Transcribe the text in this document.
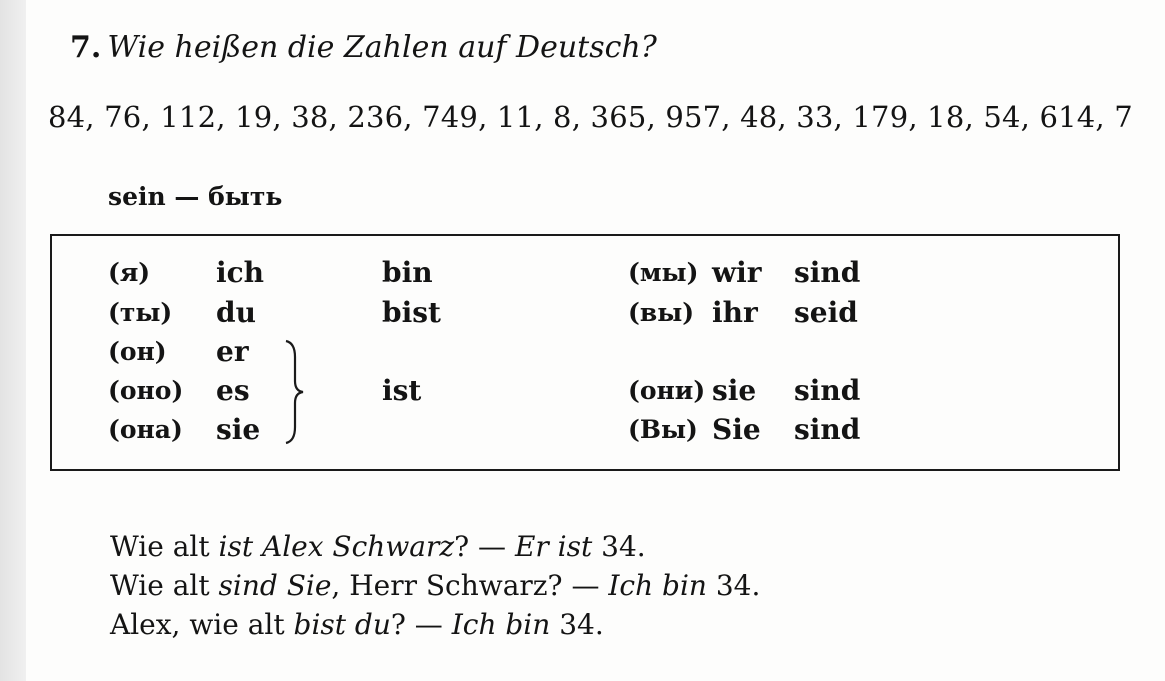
7. Wie heißen die Zahlen auf Deutsch?
84, 76, 112, 19, 38, 236, 749, 11, 8, 365, 957, 48, 33, 179, 18, 54, 614, 7
sein — быть
(я) ich	bin
(ты) du	bist
(он) er
(оно) es
(она) sie
ist
(мы) wir sind
(вы) ihr seid
(они) sie sind
(Вы) Sie sind
Wie alt ist Alex Schwarz? — Er ist 34.
Wie alt sind Sie, Herr Schwarz? — Ich bin 34.
Alex, wie alt bist du? — Ich bin 34.
